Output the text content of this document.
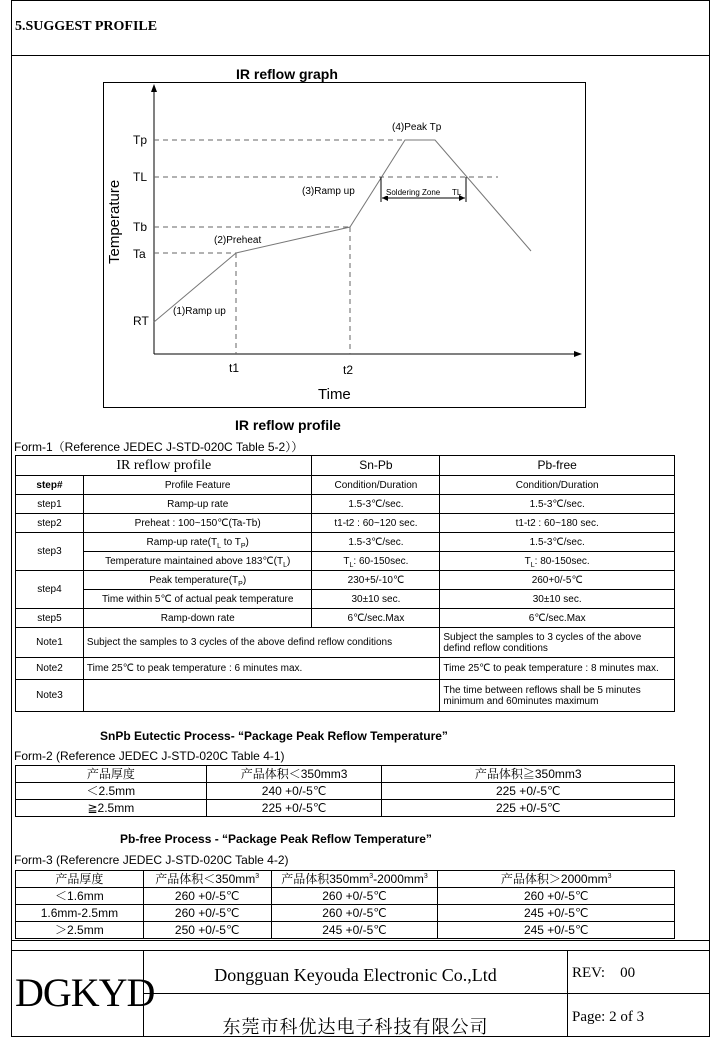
5.SUGGEST PROFILE
IR reflow graph
Tp
TL
Tb
Ta
RT
t1	t2
Time
Temperature
(1)Ramp up
(2)Preheat
(3)Ramp up
(4)Peak Tp
Soldering Zone TL
IR reflow profile
Form-1（Reference JEDEC J-STD-020C Table 5-2））
IR reflow profile		Sn-Pb	Pb-free
step#	Profile Feature	Condition/Duration	Condition/Duration
step1	Ramp-up rate	1.5-3℃/sec.	1.5-3℃/sec.
step2	Preheat : 100~150℃(Ta-Tb)	t1-t2 : 60~120 sec.	t1-t2 : 60~180 sec.
step3	Ramp-up $rate(T_L$ to $T_P$)	1.5-3℃/sec.	1.5-3℃/sec.
	Temperature maintained above $183℃(T_L)$	$T_L$: 60-150sec.	$T_L$: 80-150sec.
step4	Peak $temperature(T_P)$	230+5/-10℃	260+0/-5℃
	Time within 5℃ of actual peak temperature	30±10 sec.	30±10 sec.
step5	Ramp-down rate	6℃/sec.Max	6℃/sec.Max
Note1	Subject the samples to 3 cycles of the above defind reflow conditions		Subject the samples to 3 cycles of the above defind reflow conditions
Note2	Time 25℃ to peak temperature : 6 minutes max.		Time 25℃ to peak temperature : 8 minutes max.
Note3			The time between reflows shall be 5 minutes minimum and 60minutes maximum
SnPb Eutectic Process- “Package Peak Reflow Temperature”
Form-2 (Reference JEDEC J-STD-020C Table 4-1)
产品厚度	产品体积＜350mm3	产品体积≧350mm3
＜2.5mm	240 +0/-5℃	225 +0/-5℃
≧2.5mm	225 +0/-5℃	225 +0/-5℃
Pb-free Process - “Package Peak Reflow Temperature”
Form-3 (Referencre JEDEC J-STD-020C Table 4-2)
产品厚度	产品体积$<350mm^3$	产品体积$350mm^3-2000mm^3$	产品体积$>2000mm^3$
＜1.6mm	260 +0/-5℃	260 +0/-5℃	260 +0/-5℃
1.6mm-2.5mm	260 +0/-5℃	260 +0/-5℃	245 +0/-5℃
＞2.5mm	250 +0/-5℃	245 +0/-5℃	245 +0/-5℃
DGKYD	Dongguan Keyouda Electronic Co.,Ltd
东莞市科优达电子科技有限公司
REV: 00
Page: 2 of 3
